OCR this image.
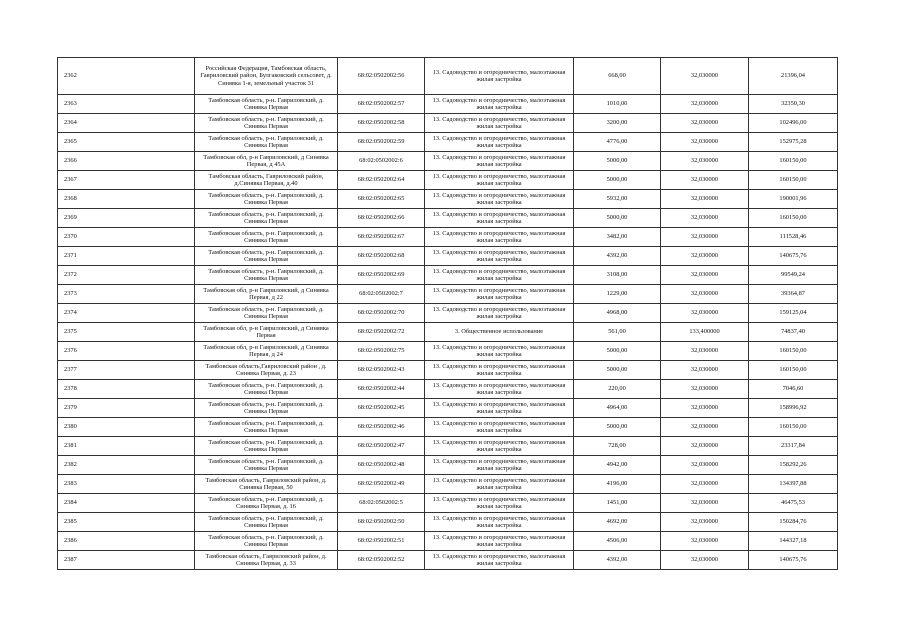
2362	Российская Федерация, Тамбовская область, Гавриловский район, Булгаковский сельсовет, д. Синявка 1-я, земельный участок 31	68:02:0502002:56	13. Садоводство и огородничество, малоэтажная жилая застройка	668,00	32,030000	21396,04
2363	Тамбовская область, р-н. Гавриловский, д. Синявка Первая	68:02:0502002:57	13. Садоводство и огородничество, малоэтажная жилая застройка	1010,00	32,030000	32350,30
2364	Тамбовская область, р-н. Гавриловский, д. Синявка Первая	68:02:0502002:58	13. Садоводство и огородничество, малоэтажная жилая застройка	3200,00	32,030000	102496,00
2365	Тамбовская область, р-н. Гавриловский, д. Синявка Первая	68:02:0502002:59	13. Садоводство и огородничество, малоэтажная жилая застройка	4776,00	32,030000	152975,28
2366	Тамбовская обл, р-н Гавриловский, д Синявка Первая, д 45А	68:02:0502002:6	13. Садоводство и огородничество, малоэтажная жилая застройка	5000,00	32,030000	160150,00
2367	Тамбовская область, Гавриловский район, д.Синявка Первая, д.40	68:02:0502002:64	13. Садоводство и огородничество, малоэтажная жилая застройка	5000,00	32,030000	160150,00
2368	Тамбовская область, р-н. Гавриловский, д. Синявка Первая	68:02:0502002:65	13. Садоводство и огородничество, малоэтажная жилая застройка	5932,00	32,030000	190001,96
2369	Тамбовская область, р-н. Гавриловский, д. Синявка Первая	68:02:0502002:66	13. Садоводство и огородничество, малоэтажная жилая застройка	5000,00	32,030000	160150,00
2370	Тамбовская область, р-н. Гавриловский, д. Синявка Первая	68:02:0502002:67	13. Садоводство и огородничество, малоэтажная жилая застройка	3482,00	32,030000	111528,46
2371	Тамбовская область, р-н. Гавриловский, д. Синявка Первая	68:02:0502002:68	13. Садоводство и огородничество, малоэтажная жилая застройка	4392,00	32,030000	140675,76
2372	Тамбовская область, р-н. Гавриловский, д. Синявка Первая	68:02:0502002:69	13. Садоводство и огородничество, малоэтажная жилая застройка	3108,00	32,030000	99549,24
2373	Тамбовская обл, р-н Гавриловский, д Синявка Первая, д 22	68:02:0502002:7	13. Садоводство и огородничество, малоэтажная жилая застройка	1229,00	32,030000	39364,87
2374	Тамбовская область, р-н. Гавриловский, д. Синявка Первая	68:02:0502002:70	13. Садоводство и огородничество, малоэтажная жилая застройка	4968,00	32,030000	159125,04
2375	Тамбовская обл, р-н Гавриловский, д Синявка Первая	68:02:0502002:72	3. Общественное использование	561,00	133,400000	74837,40
2376	Тамбовская обл, р-н Гавриловский, д Синявка Первая, д 24	68:02:0502002:75	13. Садоводство и огородничество, малоэтажная жилая застройка	5000,00	32,030000	160150,00
2377	Тамбовская область,Гавриловский район , д. Синявка Первая, д. 23	68:02:0502002:43	13. Садоводство и огородничество, малоэтажная жилая застройка	5000,00	32,030000	160150,00
2378	Тамбовская область, р-н. Гавриловский, д. Синявка Первая	68:02:0502002:44	13. Садоводство и огородничество, малоэтажная жилая застройка	220,00	32,030000	7046,60
2379	Тамбовская область, р-н. Гавриловский, д. Синявка Первая	68:02:0502002:45	13. Садоводство и огородничество, малоэтажная жилая застройка	4964,00	32,030000	158996,92
2380	Тамбовская область, р-н. Гавриловский, д. Синявка Первая	68:02:0502002:46	13. Садоводство и огородничество, малоэтажная жилая застройка	5000,00	32,030000	160150,00
2381	Тамбовская область, р-н. Гавриловский, д. Синявка Первая	68:02:0502002:47	13. Садоводство и огородничество, малоэтажная жилая застройка	728,00	32,030000	23317,84
2382	Тамбовская область, р-н. Гавриловский, д. Синявка Первая	68:02:0502002:48	13. Садоводство и огородничество, малоэтажная жилая застройка	4942,00	32,030000	158292,26
2383	Тамбовская область, Гавриловский район, д. Синявка Первая, 50	68:02:0502002:49	13. Садоводство и огородничество, малоэтажная жилая застройка	4196,00	32,030000	134397,88
2384	Тамбовская область, р-н. Гавриловский, д. Синявка Первая, д. 16	68:02:0502002:5	13. Садоводство и огородничество, малоэтажная жилая застройка	1451,00	32,030000	46475,53
2385	Тамбовская область, р-н. Гавриловский, д. Синявка Первая	68:02:0502002:50	13. Садоводство и огородничество, малоэтажная жилая застройка	4692,00	32,030000	150284,76
2386	Тамбовская область, р-н. Гавриловский, д. Синявка Первая	68:02:0502002:51	13. Садоводство и огородничество, малоэтажная жилая застройка	4506,00	32,030000	144327,18
2387	Тамбовская область, Гавриловский район, д. Синявка Первая, д. 33	68:02:0502002:52	13. Садоводство и огородничество, малоэтажная жилая застройка	4392,00	32,030000	140675,76
